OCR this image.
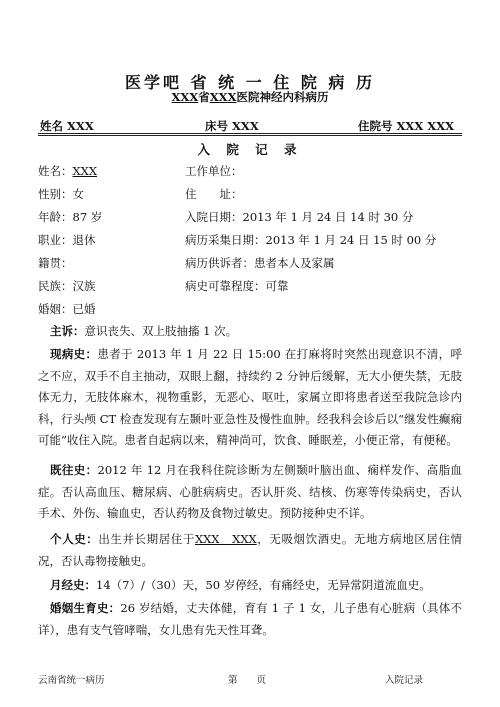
医学吧 省 统 一 住 院 病 历
XXX省XXX医院神经内科病历
姓名 XXX	床号 XXX	住院号 XXX XXX
入 院 记 录
姓名：XXX	工作单位：
性别：女	住　　址：
年龄：87 岁	入院日期：2013 年 1 月 24 日 14 时 30 分
职业：退休	病历采集日期：2013 年 1 月 24 日 15 时 00 分
籍贯：	病历供诉者：患者本人及家属
民族：汉族	病史可靠程度：可靠
婚姻：已婚
主诉：意识丧失、双上肢抽搐 1 次。
现病史：患者于 2013 年 1 月 22 日 15:00 在打麻将时突然出现意识不清，呼之不应，双手不自主抽动，双眼上翻，持续约 2 分钟后缓解，无大小便失禁，无肢体无力，无肢体麻木，视物重影，无恶心、呕吐，家属立即将患者送至我院急诊内科，行头颅 CT 检查发现有左颞叶亚急性及慢性血肿。经我科会诊后以“继发性癫痫可能”收住入院。患者自起病以来，精神尚可，饮食、睡眠差，小便正常，有便秘。
既往史：2012 年 12 月在我科住院诊断为左侧颞叶脑出血、痫样发作、高脂血症。否认高血压、糖尿病、心脏病病史。否认肝炎、结核、伤寒等传染病史，否认手术、外伤、输血史，否认药物及食物过敏史。预防接种史不详。
个人史：出生并长期居住于XXX　XXX，无吸烟饮酒史。无地方病地区居住情况，否认毒物接触史。
月经史：14（7）/（30）天，50 岁停经，有痛经史，无异常阴道流血史。
婚姻生育史：26 岁结婚，丈夫体健，育有 1 子 1 女，儿子患有心脏病（具体不详），患有支气管哮喘，女儿患有先天性耳聋。
云南省统一病历	第　　页	入院记录
